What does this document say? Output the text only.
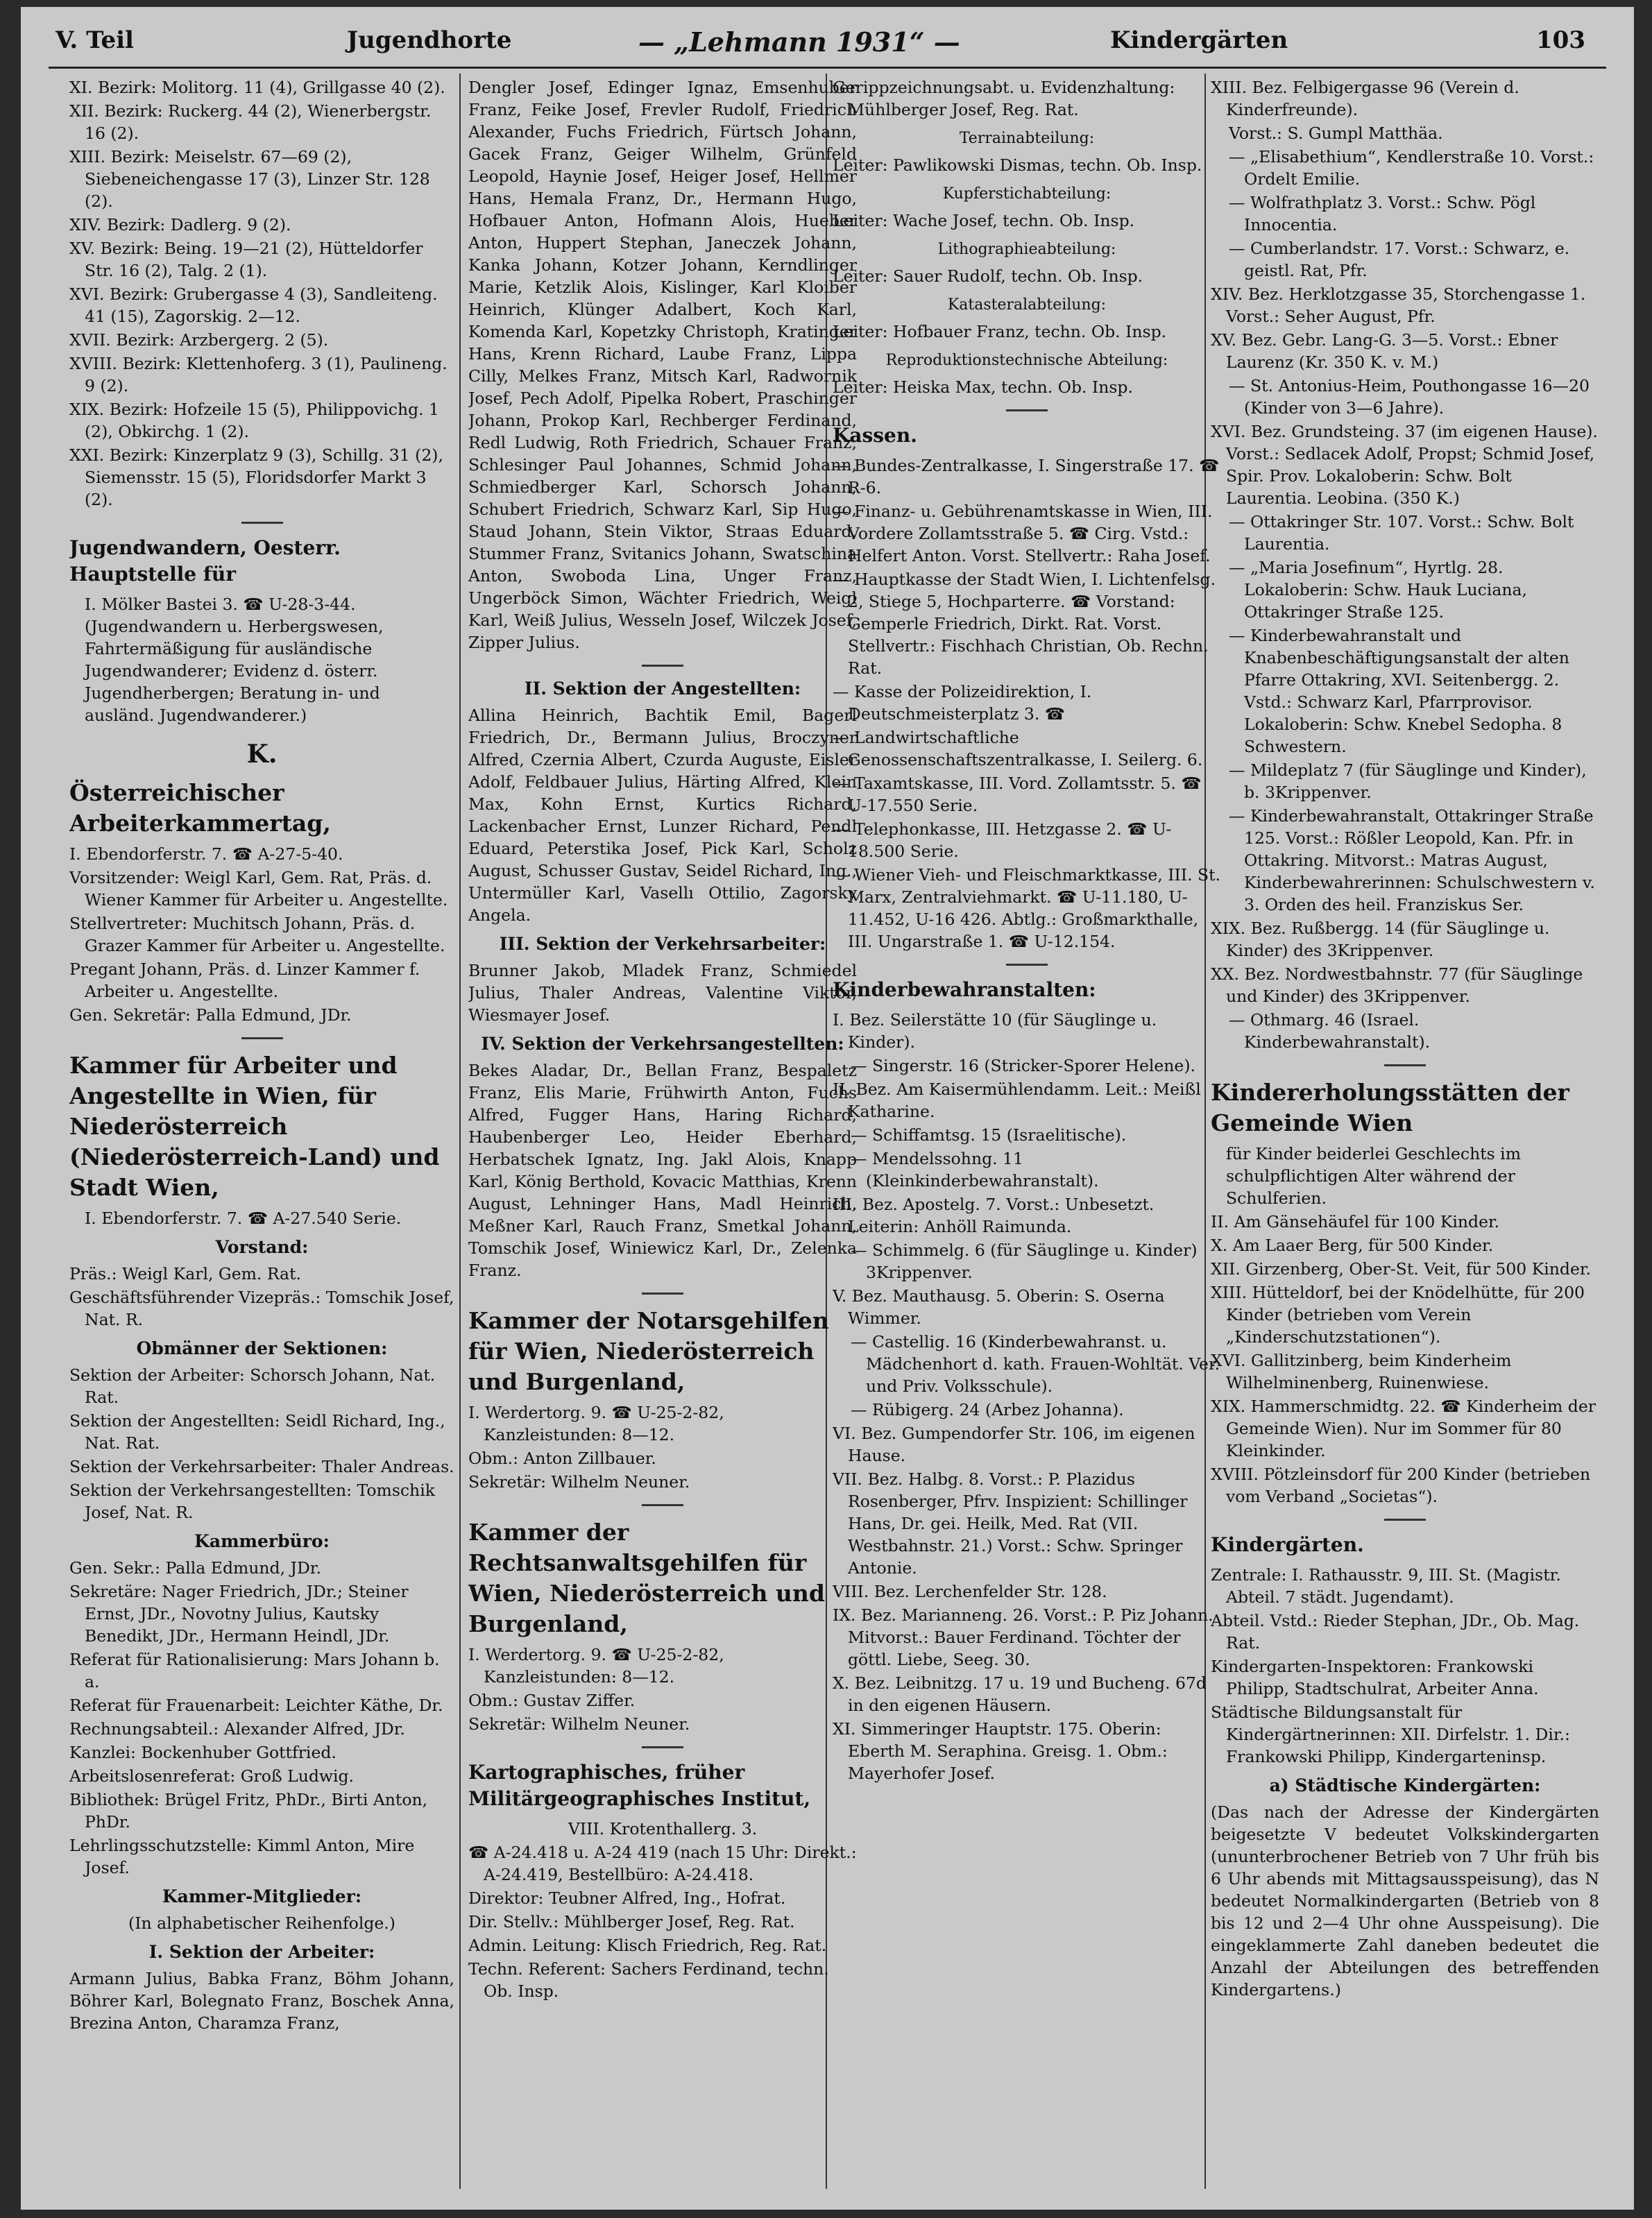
V. Teil	Jugendhorte	— „Lehmann 1931“ —	Kindergärten	103

XI. Bezirk: Molitorg. 11 (4), Grillgasse 40 (2).

XII. Bezirk: Ruckerg. 44 (2), Wienerbergstr. 16 (2).

XIII. Bezirk: Meiselstr. 67—69 (2), Siebeneichengasse 17 (3), Linzer Str. 128 (2).

XIV. Bezirk: Dadlerg. 9 (2).

XV. Bezirk: Being. 19—21 (2), Hütteldorfer Str. 16 (2), Talg. 2 (1).

XVI. Bezirk: Grubergasse 4 (3), Sandleiteng. 41 (15), Zagorskig. 2—12.

XVII. Bezirk: Arzbergerg. 2 (5).

XVIII. Bezirk: Klettenhoferg. 3 (1), Paulineng. 9 (2).

XIX. Bezirk: Hofzeile 15 (5), Philippovichg. 1 (2), Obkirchg. 1 (2).

XXI. Bezirk: Kinzerplatz 9 (3), Schillg. 31 (2), Siemensstr. 15 (5), Floridsdorfer Markt 3 (2).

Jugendwandern, Oesterr. Hauptstelle für

I. Mölker Bastei 3. ☎ U-28-3-44. (Jugendwandern u. Herbergswesen, Fahrtermäßigung für ausländische Jugendwanderer; Evidenz d. österr. Jugendherbergen; Beratung in- und ausländ. Jugendwanderer.)

K.
Österreichischer Arbeiterkammertag,

I. Ebendorferstr. 7. ☎ A-27-5-40.

Vorsitzender: Weigl Karl, Gem. Rat, Präs. d. Wiener Kammer für Arbeiter u. Angestellte.

Stellvertreter: Muchitsch Johann, Präs. d. Grazer Kammer für Arbeiter u. Angestellte.

Pregant Johann, Präs. d. Linzer Kammer f. Arbeiter u. Angestellte.

Gen. Sekretär: Palla Edmund, JDr.

Kammer für Arbeiter und Angestellte in Wien, für Niederösterreich (Niederösterreich-Land) und Stadt Wien,

I. Ebendorferstr. 7. ☎ A-27.540 Serie.

Vorstand:

Präs.: Weigl Karl, Gem. Rat.

Geschäftsführender Vizepräs.: Tomschik Josef, Nat. R.

Obmänner der Sektionen:

Sektion der Arbeiter: Schorsch Johann, Nat. Rat.

Sektion der Angestellten: Seidl Richard, Ing., Nat. Rat.

Sektion der Verkehrsarbeiter: Thaler Andreas.

Sektion der Verkehrsangestellten: Tomschik Josef, Nat. R.

Kammerbüro:

Gen. Sekr.: Palla Edmund, JDr.

Sekretäre: Nager Friedrich, JDr.; Steiner Ernst, JDr., Novotny Julius, Kautsky Benedikt, JDr., Hermann Heindl, JDr.

Referat für Rationalisierung: Mars Johann b. a.

Referat für Frauenarbeit: Leichter Käthe, Dr.

Rechnungsabteil.: Alexander Alfred, JDr.

Kanzlei: Bockenhuber Gottfried.

Arbeitslosenreferat: Groß Ludwig.

Bibliothek: Brügel Fritz, PhDr., Birti Anton, PhDr.

Lehrlingsschutzstelle: Kimml Anton, Mire Josef.

Kammer-Mitglieder:

(In alphabetischer Reihenfolge.)

I. Sektion der Arbeiter:

Armann Julius, Babka Franz, Böhm Johann, Böhrer Karl, Bolegnato Franz, Boschek Anna, Brezina Anton, Charamza Franz,

Dengler Josef, Edinger Ignaz, Emsenhuber Franz, Feike Josef, Frevler Rudolf, Friedrich Alexander, Fuchs Friedrich, Fürtsch Johann, Gacek Franz, Geiger Wilhelm, Grünfeld Leopold, Haynie Josef, Heiger Josef, Hellmer Hans, Hemala Franz, Dr., Hermann Hugo, Hofbauer Anton, Hofmann Alois, Hueber Anton, Huppert Stephan, Janeczek Johann, Kanka Johann, Kotzer Johann, Kerndlinger Marie, Ketzlik Alois, Kislinger, Karl Kloiber Heinrich, Klünger Adalbert, Koch Karl, Komenda Karl, Kopetzky Christoph, Kratinger Hans, Krenn Richard, Laube Franz, Lippa Cilly, Melkes Franz, Mitsch Karl, Radwornik Josef, Pech Adolf, Pipelka Robert, Praschinger Johann, Prokop Karl, Rechberger Ferdinand, Redl Ludwig, Roth Friedrich, Schauer Franz, Schlesinger Paul Johannes, Schmid Johann, Schmiedberger Karl, Schorsch Johann, Schubert Friedrich, Schwarz Karl, Sip Hugo, Staud Johann, Stein Viktor, Straas Eduard, Stummer Franz, Svitanics Johann, Swatschina Anton, Swoboda Lina, Unger Franz, Ungerböck Simon, Wächter Friedrich, Weigl Karl, Weiß Julius, Wesseln Josef, Wilczek Josef, Zipper Julius.

II. Sektion der Angestellten:

Allina Heinrich, Bachtik Emil, Bagerl Friedrich, Dr., Bermann Julius, Broczyner Alfred, Czernia Albert, Czurda Auguste, Eisler Adolf, Feldbauer Julius, Härting Alfred, Klein Max, Kohn Ernst, Kurtics Richard, Lackenbacher Ernst, Lunzer Richard, Pendl Eduard, Peterstika Josef, Pick Karl, Scholz August, Schusser Gustav, Seidel Richard, Ing., Untermüller Karl, Vasellı Ottilio, Zagorsky Angela.

III. Sektion der Verkehrsarbeiter:

Brunner Jakob, Mladek Franz, Schmiedel Julius, Thaler Andreas, Valentine Viktor, Wiesmayer Josef.

IV. Sektion der Verkehrsangestellten:

Bekes Aladar, Dr., Bellan Franz, Bespaletz Franz, Elis Marie, Frühwirth Anton, Fuchs Alfred, Fugger Hans, Haring Richard, Haubenberger Leo, Heider Eberhard, Herbatschek Ignatz, Ing. Jakl Alois, Knapp Karl, König Berthold, Kovacic Matthias, Krenn August, Lehninger Hans, Madl Heinrich, Meßner Karl, Rauch Franz, Smetkal Johann, Tomschik Josef, Winiewicz Karl, Dr., Zelenka Franz.

Kammer der Notarsgehilfen für Wien, Niederösterreich und Burgenland,

I. Werdertorg. 9. ☎ U-25-2-82, Kanzleistunden: 8—12.

Obm.: Anton Zillbauer.

Sekretär: Wilhelm Neuner.

Kammer der Rechtsanwaltsgehilfen für Wien, Niederösterreich und Burgenland,

I. Werdertorg. 9. ☎ U-25-2-82, Kanzleistunden: 8—12.

Obm.: Gustav Ziffer.

Sekretär: Wilhelm Neuner.

Kartographisches, früher Militärgeographisches Institut,

VIII. Krotenthallerg. 3.

☎ A-24.418 u. A-24 419 (nach 15 Uhr: Direkt.: A-24.419, Bestellbüro: A-24.418.

Direktor: Teubner Alfred, Ing., Hofrat.

Dir. Stellv.: Mühlberger Josef, Reg. Rat.

Admin. Leitung: Klisch Friedrich, Reg. Rat.

Techn. Referent: Sachers Ferdinand, techn. Ob. Insp.

Gerippzeichnungsabt. u. Evidenzhaltung: Mühlberger Josef, Reg. Rat.

Terrainabteilung:

Leiter: Pawlikowski Dismas, techn. Ob. Insp.

Kupferstichabteilung:

Leiter: Wache Josef, techn. Ob. Insp.

Lithographieabteilung:

Leiter: Sauer Rudolf, techn. Ob. Insp.

Katasteralabteilung:

Leiter: Hofbauer Franz, techn. Ob. Insp.

Reproduktionstechnische Abteilung:

Leiter: Heiska Max, techn. Ob. Insp.

Kassen.

— Bundes-Zentralkasse, I. Singerstraße 17. ☎ R-6.

— Finanz- u. Gebührenamtskasse in Wien, III. Vordere Zollamtsstraße 5. ☎ Cirg. Vstd.: Helfert Anton. Vorst. Stellvertr.: Raha Josef.

— Hauptkasse der Stadt Wien, I. Lichtenfelsg. 2, Stiege 5, Hochparterre. ☎ Vorstand: Gemperle Friedrich, Dirkt. Rat. Vorst. Stellvertr.: Fischhach Christian, Ob. Rechn. Rat.

— Kasse der Polizeidirektion, I. Deutschmeisterplatz 3. ☎

— Landwirtschaftliche Genossenschaftszentralkasse, I. Seilerg. 6.

— Taxamtskasse, III. Vord. Zollamtsstr. 5. ☎ U-17.550 Serie.

— Telephonkasse, III. Hetzgasse 2. ☎ U-18.500 Serie.

— Wiener Vieh- und Fleischmarktkasse, III. St. Marx, Zentralviehmarkt. ☎ U-11.180, U-11.452, U-16 426. Abtlg.: Großmarkthalle, III. Ungarstraße 1. ☎ U-12.154.

Kinderbewahranstalten:

I. Bez. Seilerstätte 10 (für Säuglinge u. Kinder).

— Singerstr. 16 (Stricker-Sporer Helene).

II. Bez. Am Kaisermühlendamm. Leit.: Meißl Katharine.

— Schiffamtsg. 15 (Israelitische).

— Mendelssohng. 11 (Kleinkinderbewahranstalt).

III. Bez. Apostelg. 7. Vorst.: Unbesetzt. Leiterin: Anhöll Raimunda.

— Schimmelg. 6 (für Säuglinge u. Kinder) 3Krippenver.

V. Bez. Mauthausg. 5. Oberin: S. Oserna Wimmer.

— Castellig. 16 (Kinderbewahranst. u. Mädchenhort d. kath. Frauen-Wohltät. Ver. und Priv. Volksschule).

— Rübigerg. 24 (Arbez Johanna).

VI. Bez. Gumpendorfer Str. 106, im eigenen Hause.

VII. Bez. Halbg. 8. Vorst.: P. Plazidus Rosenberger, Pfrv. Inspizient: Schillinger Hans, Dr. gei. Heilk, Med. Rat (VII. Westbahnstr. 21.) Vorst.: Schw. Springer Antonie.

VIII. Bez. Lerchenfelder Str. 128.

IX. Bez. Marianneng. 26. Vorst.: P. Piz Johann. Mitvorst.: Bauer Ferdinand. Töchter der göttl. Liebe, Seeg. 30.

X. Bez. Leibnitzg. 17 u. 19 und Bucheng. 67d in den eigenen Häusern.

XI. Simmeringer Hauptstr. 175. Oberin: Eberth M. Seraphina. Greisg. 1. Obm.: Mayerhofer Josef.

XIII. Bez. Felbigergasse 96 (Verein d. Kinderfreunde).

Vorst.: S. Gumpl Matthäa.

— „Elisabethium“, Kendlerstraße 10. Vorst.: Ordelt Emilie.

— Wolfrathplatz 3. Vorst.: Schw. Pögl Innocentia.

— Cumberlandstr. 17. Vorst.: Schwarz, e. geistl. Rat, Pfr.

XIV. Bez. Herklotzgasse 35, Storchengasse 1. Vorst.: Seher August, Pfr.

XV. Bez. Gebr. Lang-G. 3—5. Vorst.: Ebner Laurenz (Kr. 350 K. v. M.)

— St. Antonius-Heim, Pouthongasse 16—20 (Kinder von 3—6 Jahre).

XVI. Bez. Grundsteing. 37 (im eigenen Hause). Vorst.: Sedlacek Adolf, Propst; Schmid Josef, Spir. Prov. Lokaloberin: Schw. Bolt Laurentia. Leobina. (350 K.)

— Ottakringer Str. 107. Vorst.: Schw. Bolt Laurentia.

— „Maria Josefinum“, Hyrtlg. 28. Lokaloberin: Schw. Hauk Luciana, Ottakringer Straße 125.

— Kinderbewahranstalt und Knabenbeschäftigungsanstalt der alten Pfarre Ottakring, XVI. Seitenbergg. 2. Vstd.: Schwarz Karl, Pfarrprovisor. Lokaloberin: Schw. Knebel Sedopha. 8 Schwestern.

— Mildeplatz 7 (für Säuglinge und Kinder), b. 3Krippenver.

— Kinderbewahranstalt, Ottakringer Straße 125. Vorst.: Rößler Leopold, Kan. Pfr. in Ottakring. Mitvorst.: Matras August, Kinderbewahrerinnen: Schulschwestern v. 3. Orden des heil. Franziskus Ser.

XIX. Bez. Rußbergg. 14 (für Säuglinge u. Kinder) des 3Krippenver.

XX. Bez. Nordwestbahnstr. 77 (für Säuglinge und Kinder) des 3Krippenver.

— Othmarg. 46 (Israel. Kinderbewahranstalt).

Kindererholungsstätten der Gemeinde Wien

für Kinder beiderlei Geschlechts im schulpflichtigen Alter während der Schulferien.

II. Am Gänsehäufel für 100 Kinder.

X. Am Laaer Berg, für 500 Kinder.

XII. Girzenberg, Ober-St. Veit, für 500 Kinder.

XIII. Hütteldorf, bei der Knödelhütte, für 200 Kinder (betrieben vom Verein „Kinderschutzstationen“).

XVI. Gallitzinberg, beim Kinderheim Wilhelminenberg, Ruinenwiese.

XIX. Hammerschmidtg. 22. ☎ Kinderheim der Gemeinde Wien). Nur im Sommer für 80 Kleinkinder.

XVIII. Pötzleinsdorf für 200 Kinder (betrieben vom Verband „Societas“).

Kindergärten.

Zentrale: I. Rathausstr. 9, III. St. (Magistr. Abteil. 7 städt. Jugendamt).

Abteil. Vstd.: Rieder Stephan, JDr., Ob. Mag. Rat.

Kindergarten-Inspektoren: Frankowski Philipp, Stadtschulrat, Arbeiter Anna.

Städtische Bildungsanstalt für Kindergärtnerinnen: XII. Dirfelstr. 1. Dir.: Frankowski Philipp, Kindergarteninsp.

a) Städtische Kindergärten:

(Das nach der Adresse der Kindergärten beigesetzte V bedeutet Volkskindergarten (ununterbrochener Betrieb von 7 Uhr früh bis 6 Uhr abends mit Mittagsausspeisung), das N bedeutet Normalkindergarten (Betrieb von 8 bis 12 und 2—4 Uhr ohne Ausspeisung). Die eingeklammerte Zahl daneben bedeutet die Anzahl der Abteilungen des betreffenden Kindergartens.)
